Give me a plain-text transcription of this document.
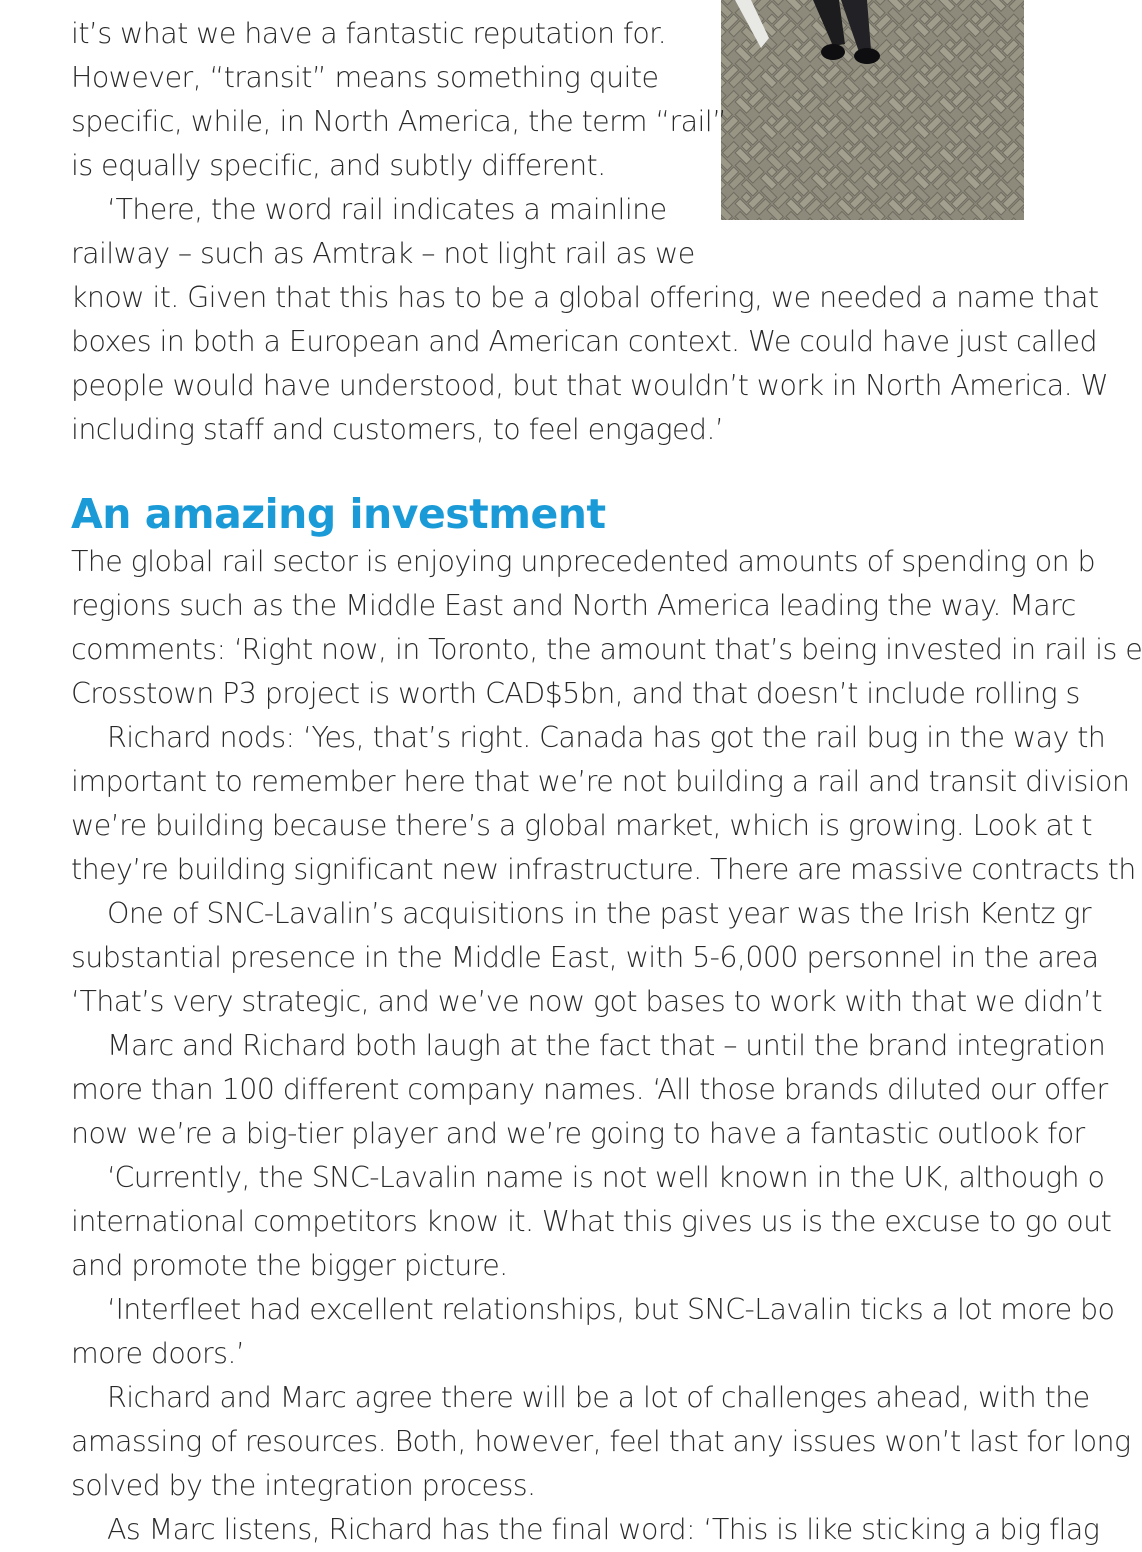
it’s what we have a fantastic reputation for.
However, “transit” means something quite
specific, while, in North America, the term “rail”
is equally specific, and subtly different.
‘There, the word rail indicates a mainline
railway – such as Amtrak – not light rail as we
know it. Given that this has to be a global offering, we needed a name that
boxes in both a European and American context. We could have just called
people would have understood, but that wouldn’t work in North America. W
including staff and customers, to feel engaged.’
An amazing investment
The global rail sector is enjoying unprecedented amounts of spending on b
regions such as the Middle East and North America leading the way. Marc
comments: ‘Right now, in Toronto, the amount that’s being invested in rail is e
Crosstown P3 project is worth CAD$5bn, and that doesn’t include rolling s
Richard nods: ‘Yes, that’s right. Canada has got the rail bug in the way th
important to remember here that we’re not building a rail and transit division
we’re building because there’s a global market, which is growing. Look at t
they’re building significant new infrastructure. There are massive contracts th
One of SNC-Lavalin’s acquisitions in the past year was the Irish Kentz gr
substantial presence in the Middle East, with 5-6,000 personnel in the area
‘That’s very strategic, and we’ve now got bases to work with that we didn’t
Marc and Richard both laugh at the fact that – until the brand integration
more than 100 different company names. ‘All those brands diluted our offer
now we’re a big-tier player and we’re going to have a fantastic outlook for
‘Currently, the SNC-Lavalin name is not well known in the UK, although o
international competitors know it. What this gives us is the excuse to go out
and promote the bigger picture.
‘Interfleet had excellent relationships, but SNC-Lavalin ticks a lot more bo
more doors.’
Richard and Marc agree there will be a lot of challenges ahead, with the
amassing of resources. Both, however, feel that any issues won’t last for long
solved by the integration process.
As Marc listens, Richard has the final word: ‘This is like sticking a big flag
